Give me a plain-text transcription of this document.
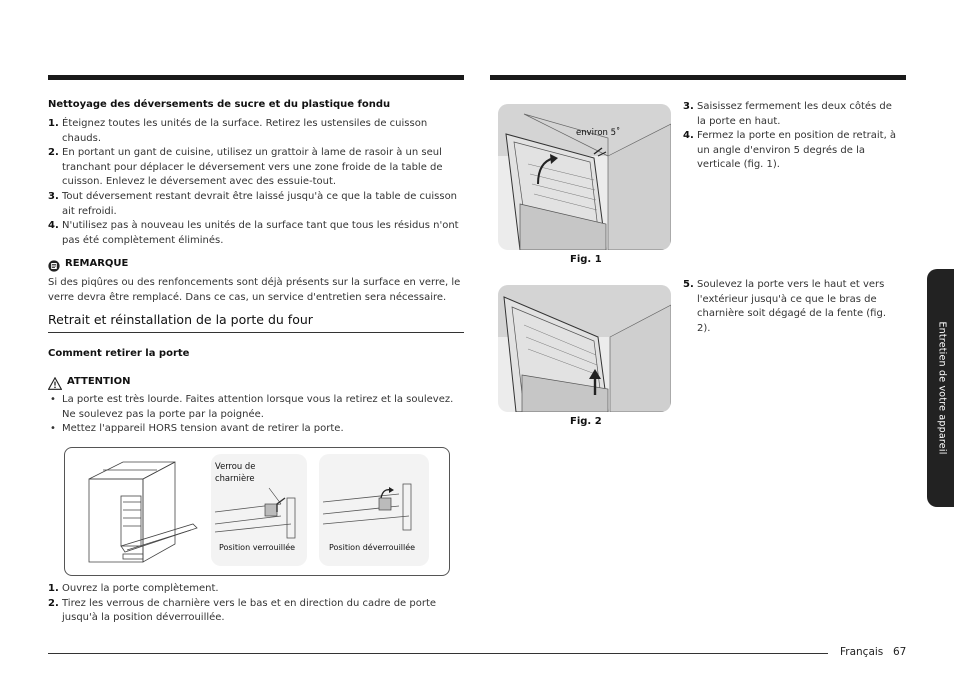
Nettoyage des déversements de sucre et du plastique fondu
1. Éteignez toutes les unités de la surface. Retirez les ustensiles de cuisson chauds.
2. En portant un gant de cuisine, utilisez un grattoir à lame de rasoir à un seul tranchant pour déplacer le déversement vers une zone froide de la table de cuisson. Enlevez le déversement avec des essuie-tout.
3. Tout déversement restant devrait être laissé jusqu'à ce que la table de cuisson ait refroidi.
4. N'utilisez pas à nouveau les unités de la surface tant que tous les résidus n'ont pas été complètement éliminés.
REMARQUE
Si des piqûres ou des renfoncements sont déjà présents sur la surface en verre, le verre devra être remplacé. Dans ce cas, un service d'entretien sera nécessaire.
Retrait et réinstallation de la porte du four
Comment retirer la porte
ATTENTION
• La porte est très lourde. Faites attention lorsque vous la retirez et la soulevez. Ne soulevez pas la porte par la poignée.
• Mettez l'appareil HORS tension avant de retirer la porte.
Verrou de
charnière
Position verrouillée	Position déverrouillée
1. Ouvrez la porte complètement.
2. Tirez les verrous de charnière vers le bas et en direction du cadre de porte jusqu'à la position déverrouillée.
environ 5˚
Fig. 1
Fig. 2
3. Saisissez fermement les deux côtés de la porte en haut.
4. Fermez la porte en position de retrait, à un angle d'environ 5 degrés de la verticale (fig. 1).
5. Soulevez la porte vers le haut et vers l'extérieur jusqu'à ce que le bras de charnière soit dégagé de la fente (fig. 2).	Entretien de votre appareil
Français 67
